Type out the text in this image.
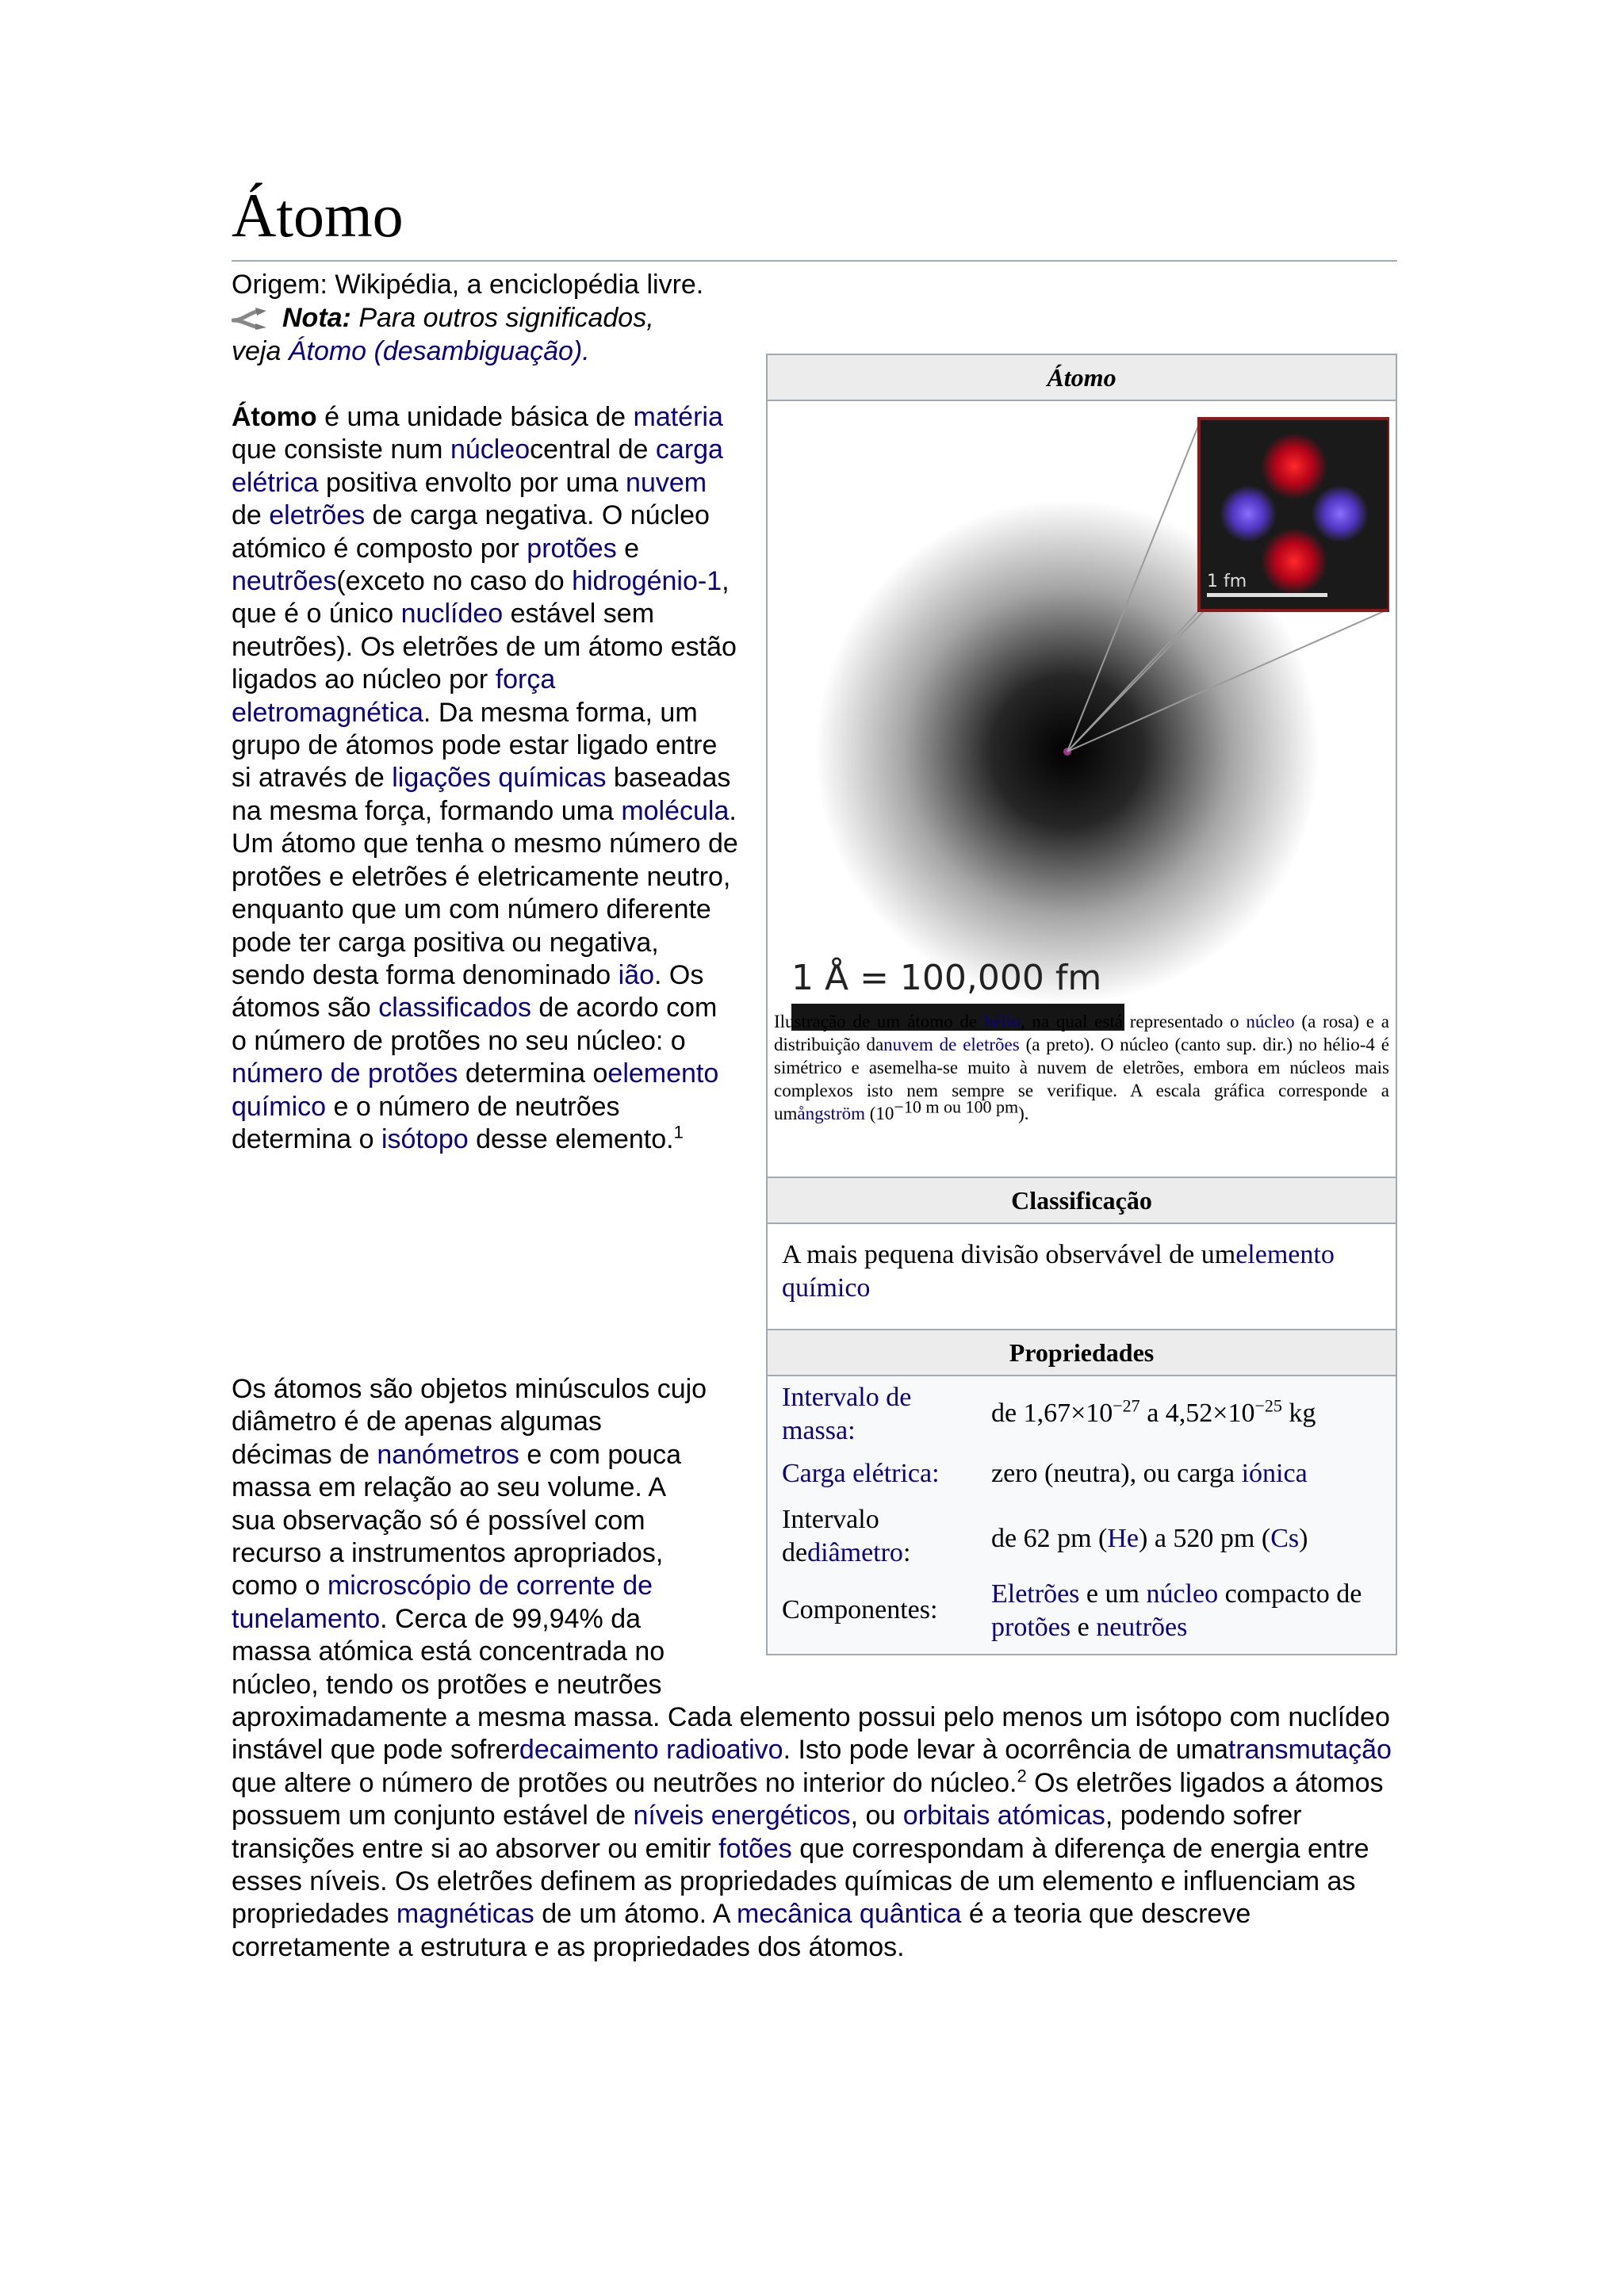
Átomo
Origem: Wikipédia, a enciclopédia livre.
Nota: Para outros significados,
veja Átomo (desambiguação).

Átomo é uma unidade básica de matéria que consiste num núcleocentral de carga elétrica positiva envolto por uma nuvem de eletrões de carga negativa. O núcleo atómico é composto por protões e neutrões(exceto no caso do hidrogénio-1, que é o único nuclídeo estável sem neutrões). Os eletrões de um átomo estão ligados ao núcleo por força eletromagnética. Da mesma forma, um grupo de átomos pode estar ligado entre si através de ligações químicas baseadas na mesma força, formando uma molécula. Um átomo que tenha o mesmo número de protões e eletrões é eletricamente neutro, enquanto que um com número diferente pode ter carga positiva ou negativa, sendo desta forma denominado ião. Os átomos são classificados de acordo com o número de protões no seu núcleo: o número de protões determina oelemento químico e o número de neutrões determina o isótopo desse elemento.$^1$

Os átomos são objetos minúsculos cujo diâmetro é de apenas algumas décimas de nanómetros e com pouca massa em relação ao seu volume. A sua observação só é possível com recurso a instrumentos apropriados, como o microscópio de corrente de tunelamento. Cerca de 99,94% da massa atómica está concentrada no núcleo, tendo os protões e neutrões

aproximadamente a mesma massa. Cada elemento possui pelo menos um isótopo com nuclídeo instável que pode sofrerdecaimento radioativo. Isto pode levar à ocorrência de umatransmutação que altere o número de protões ou neutrões no interior do núcleo.$^2$ Os eletrões ligados a átomos possuem um conjunto estável de níveis energéticos, ou orbitais atómicas, podendo sofrer transições entre si ao absorver ou emitir fotões que correspondam à diferença de energia entre esses níveis. Os eletrões definem as propriedades químicas de um elemento e influenciam as propriedades magnéticas de um átomo. A mecânica quântica é a teoria que descreve corretamente a estrutura e as propriedades dos átomos.

Átomo
1 fm
1 Å = 100,000 fm
Ilustração de um átomo de hélio, na qual está representado o núcleo (a rosa) e a distribuição danuvem de eletrões (a preto). O núcleo (canto sup. dir.) no hélio-4 é simétrico e asemelha-se muito à nuvem de eletrões, embora em núcleos mais complexos isto nem sempre se verifique. A escala gráfica corresponde a umångström $(10^{-10 m ou 100 pm})$.
Classificação
A mais pequena divisão observável de umelemento químico
Propriedades
Intervalo de massa:
de $1,67\times 10^{-27}$ a $4,52\times 10^{-25}$ kg
Carga elétrica:	zero (neutra), ou carga iónica
Intervalo dediâmetro:	de 62 pm (He) a 520 pm (Cs)
Componentes:
Eletrões e um núcleo compacto de protões e neutrões
